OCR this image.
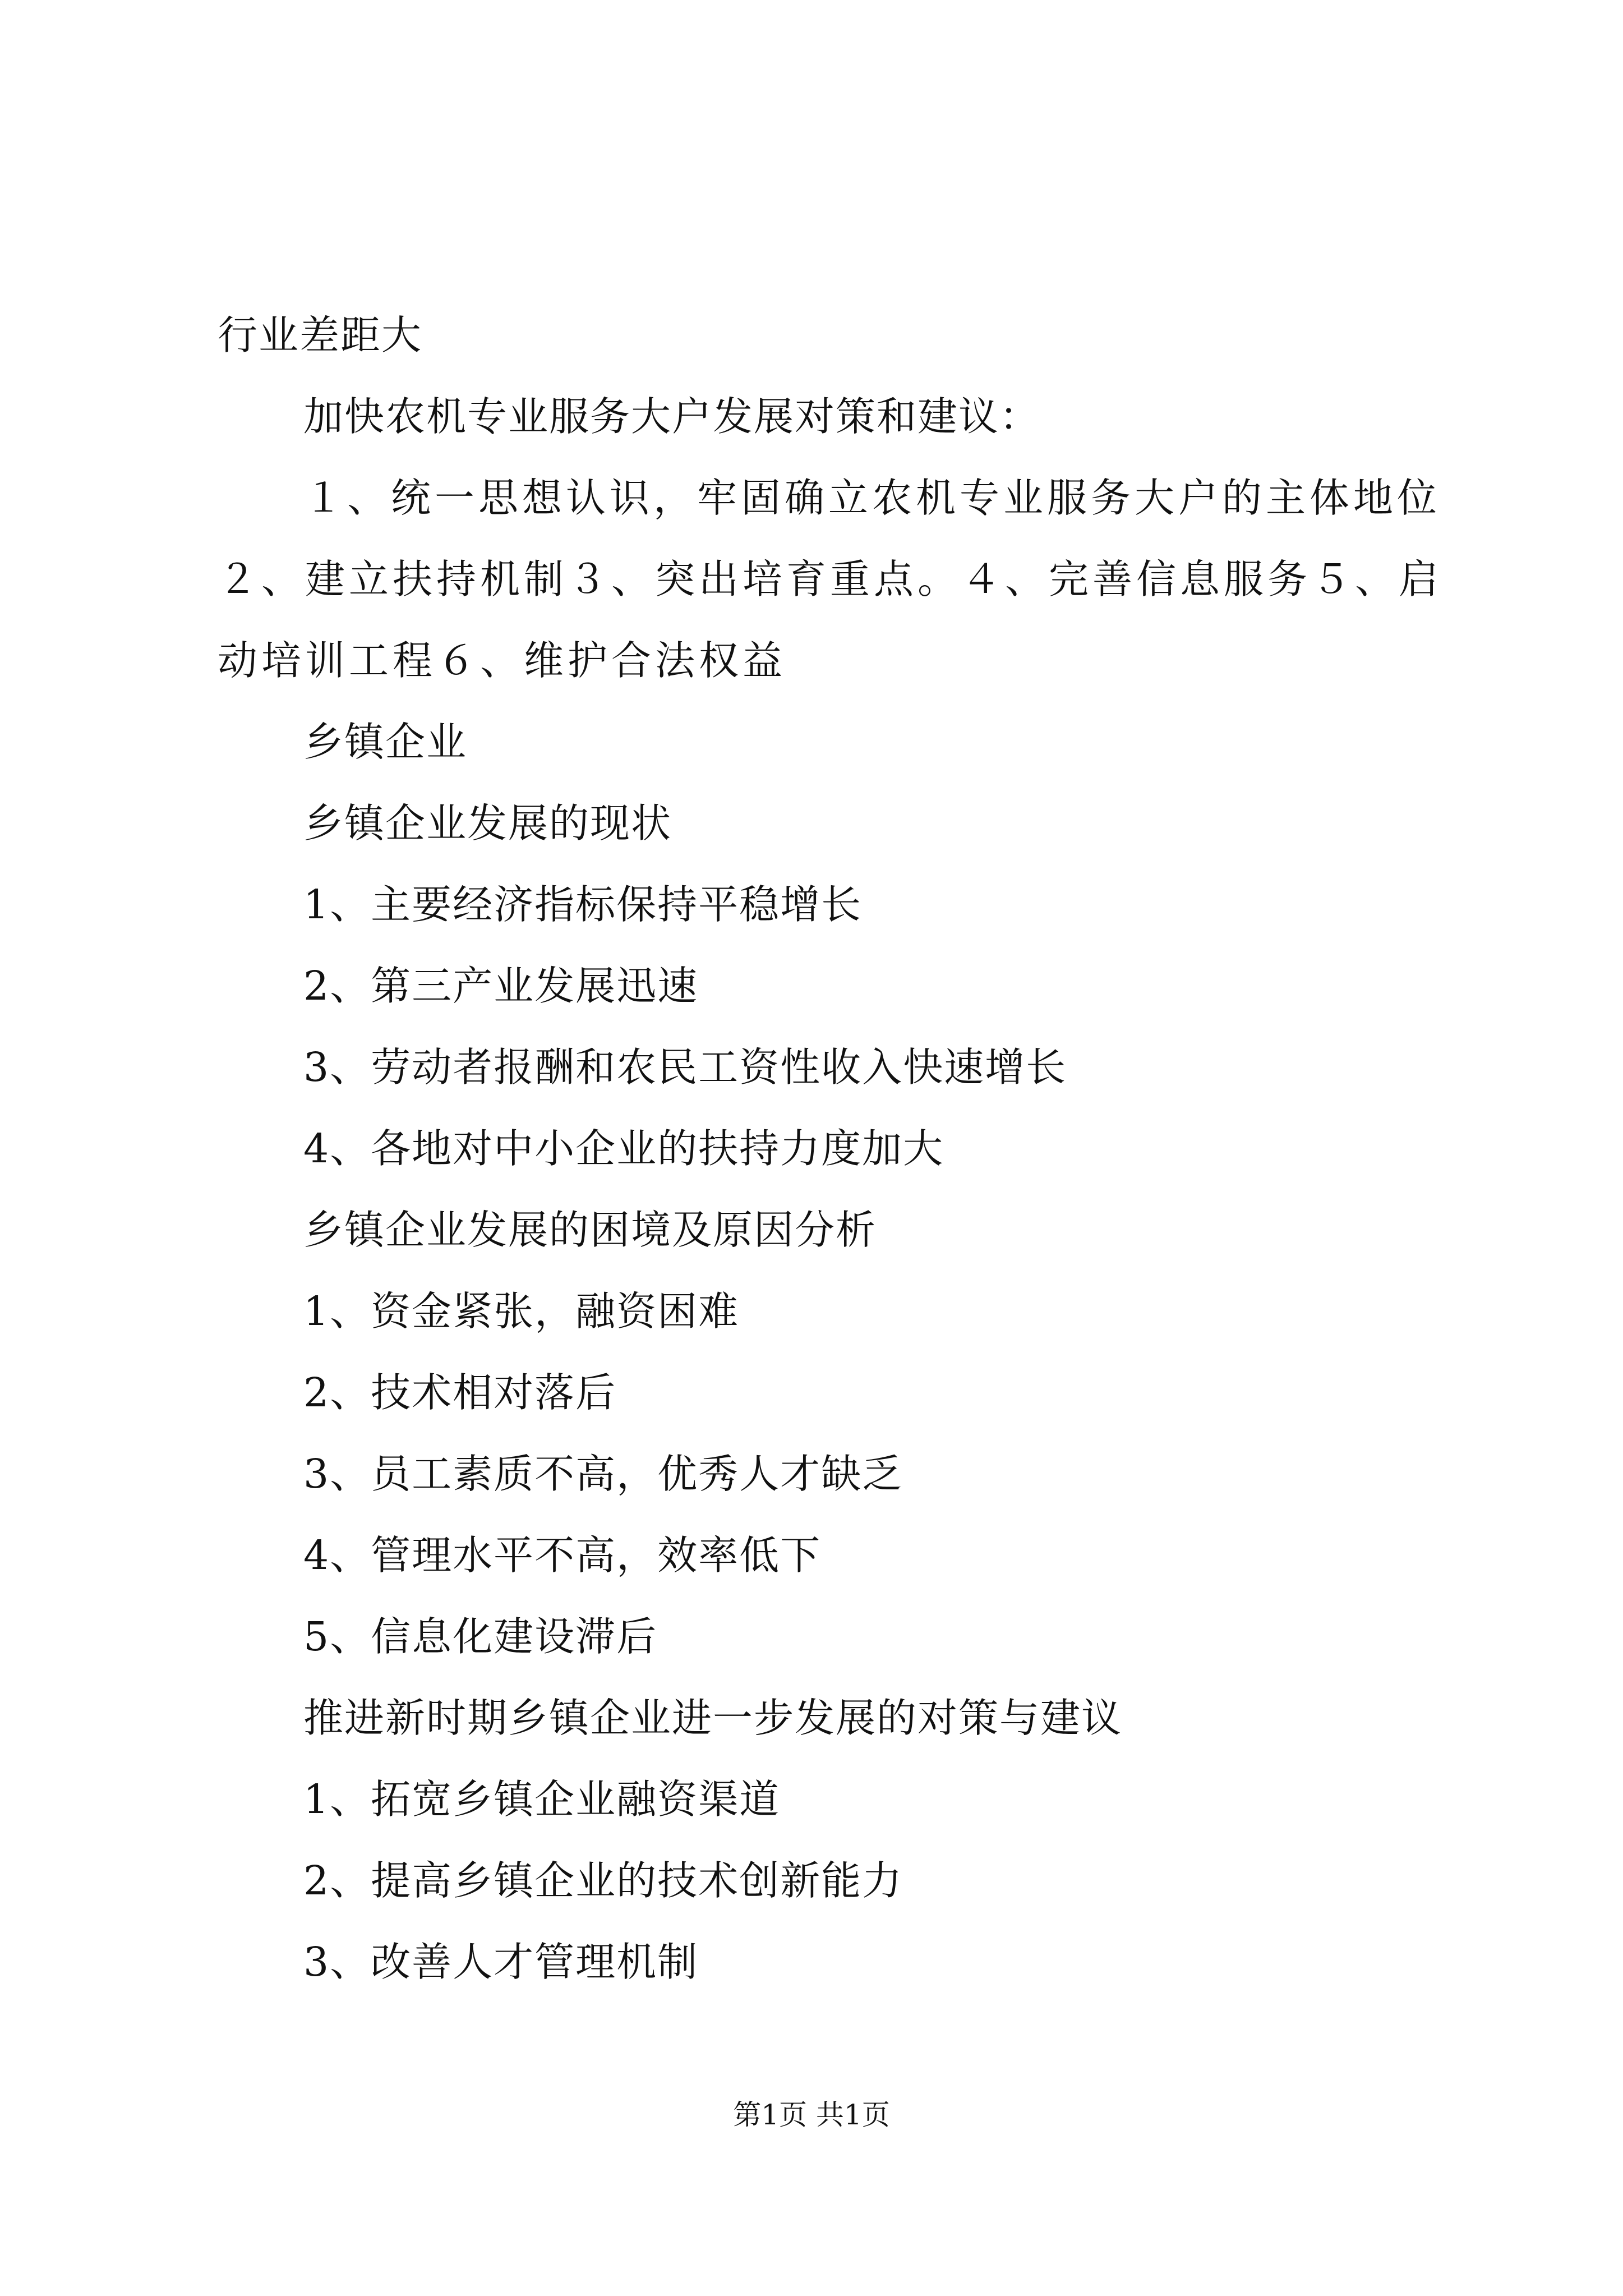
行业差距大
加快农机专业服务大户发展对策和建议：
１、统一思想认识，牢固确立农机专业服务大户的主体地位
２、建立扶持机制３、突出培育重点。４、完善信息服务５、启
动培训工程６、维护合法权益
乡镇企业
乡镇企业发展的现状
1、主要经济指标保持平稳增长
2、第三产业发展迅速
3、劳动者报酬和农民工资性收入快速增长
4、各地对中小企业的扶持力度加大
乡镇企业发展的困境及原因分析
1、资金紧张，融资困难
2、技术相对落后
3、员工素质不高，优秀人才缺乏
4、管理水平不高，效率低下
5、信息化建设滞后
推进新时期乡镇企业进一步发展的对策与建议
1、拓宽乡镇企业融资渠道
2、提高乡镇企业的技术创新能力
3、改善人才管理机制
第1页 共1页
